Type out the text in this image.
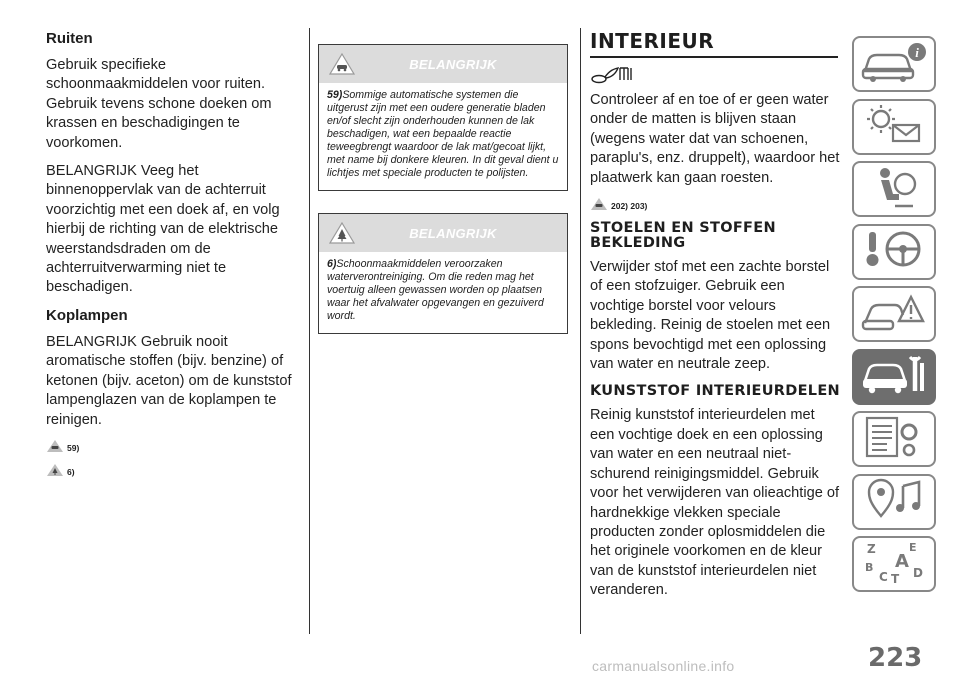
Ruiten
Gebruik specifieke schoonmaakmiddelen voor ruiten. Gebruik tevens schone doeken om krassen en beschadigingen te voorkomen.
BELANGRIJK Veeg het binnenoppervlak van de achterruit voorzichtig met een doek af, en volg hierbij de richting van de elektrische weerstandsdraden om de achterruitverwarming niet te beschadigen.
Koplampen
BELANGRIJK Gebruik nooit aromatische stoffen (bijv. benzine) of ketonen (bijv. aceton) om de kunststof lampenglazen van de koplampen te reinigen.
59)
6)
BELANGRIJK
59)Sommige automatische systemen die uitgerust zijn met een oudere generatie bladen en/of slecht zijn onderhouden kunnen de lak beschadigen, wat een bepaalde reactie teweegbrengt waardoor de lak mat/gecoat lijkt, met name bij donkere kleuren. In dit geval dient u lichtjes met speciale producten te polijsten.
BELANGRIJK
6)Schoonmaakmiddelen veroorzaken waterverontreiniging. Om die reden mag het voertuig alleen gewassen worden op plaatsen waar het afvalwater opgevangen en gezuiverd wordt.
INTERIEUR
Controleer af en toe of er geen water onder de matten is blijven staan (wegens water dat van schoenen, paraplu's, enz. druppelt), waardoor het plaatwerk kan gaan roesten.
202) 203)
STOELEN EN STOFFEN BEKLEDING
Verwijder stof met een zachte borstel of een stofzuiger. Gebruik een vochtige borstel voor velours bekleding. Reinig de stoelen met een spons bevochtigd met een oplossing van water en neutrale zeep.
KUNSTSTOF INTERIEURDELEN
Reinig kunststof interieurdelen met een vochtige doek en een oplossing van water en een neutraal niet-schurend reinigingsmiddel. Gebruik voor het verwijderen van olieachtige of hardnekkige vlekken speciale producten zonder oplosmiddelen die het originele voorkomen en de kleur van de kunststof interieurdelen niet veranderen.
i
Z	E
A
B
C T D
223
carmanualsonline.info
